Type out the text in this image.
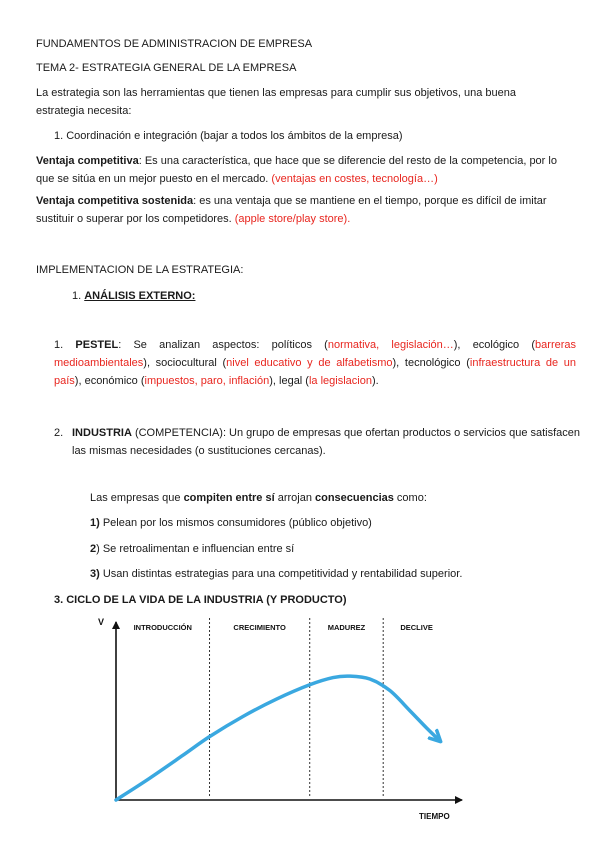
FUNDAMENTOS DE ADMINISTRACION DE EMPRESA
TEMA 2- ESTRATEGIA GENERAL DE LA EMPRESA
La estrategia son las herramientas que tienen las empresas para cumplir sus objetivos, una buena estrategia necesita:
1. Coordinación e integración (bajar a todos los ámbitos de la empresa)
Ventaja competitiva: Es una característica, que hace que se diferencie del resto de la competencia, por lo que se sitúa en un mejor puesto en el mercado. (ventajas en costes, tecnología…)
Ventaja competitiva sostenida: es una ventaja que se mantiene en el tiempo, porque es difícil de imitar sustituir o superar por los competidores. (apple store/play store).
IMPLEMENTACION DE LA ESTRATEGIA:
1. ANÁLISIS EXTERNO:
1. PESTEL: Se analizan aspectos: políticos (normativa, legislación…), ecológico (barreras medioambientales), sociocultural (nivel educativo y de alfabetismo), tecnológico (infraestructura de un país), económico (impuestos, paro, inflación), legal (la legislacion).
2. INDUSTRIA (COMPETENCIA): Un grupo de empresas que ofertan productos o servicios que satisfacen las mismas necesidades (o sustituciones cercanas).
Las empresas que compiten entre sí arrojan consecuencias como:
1) Pelean por los mismos consumidores (público objetivo)
2) Se retroalimentan e influencian entre sí
3) Usan distintas estrategias para una competitividad y rentabilidad superior.
3. CICLO DE LA VIDA DE LA INDUSTRIA (Y PRODUCTO)
V
TIEMPO
INTRODUCCIÓN	CRECIMIENTO	MADUREZ	DECLIVE
